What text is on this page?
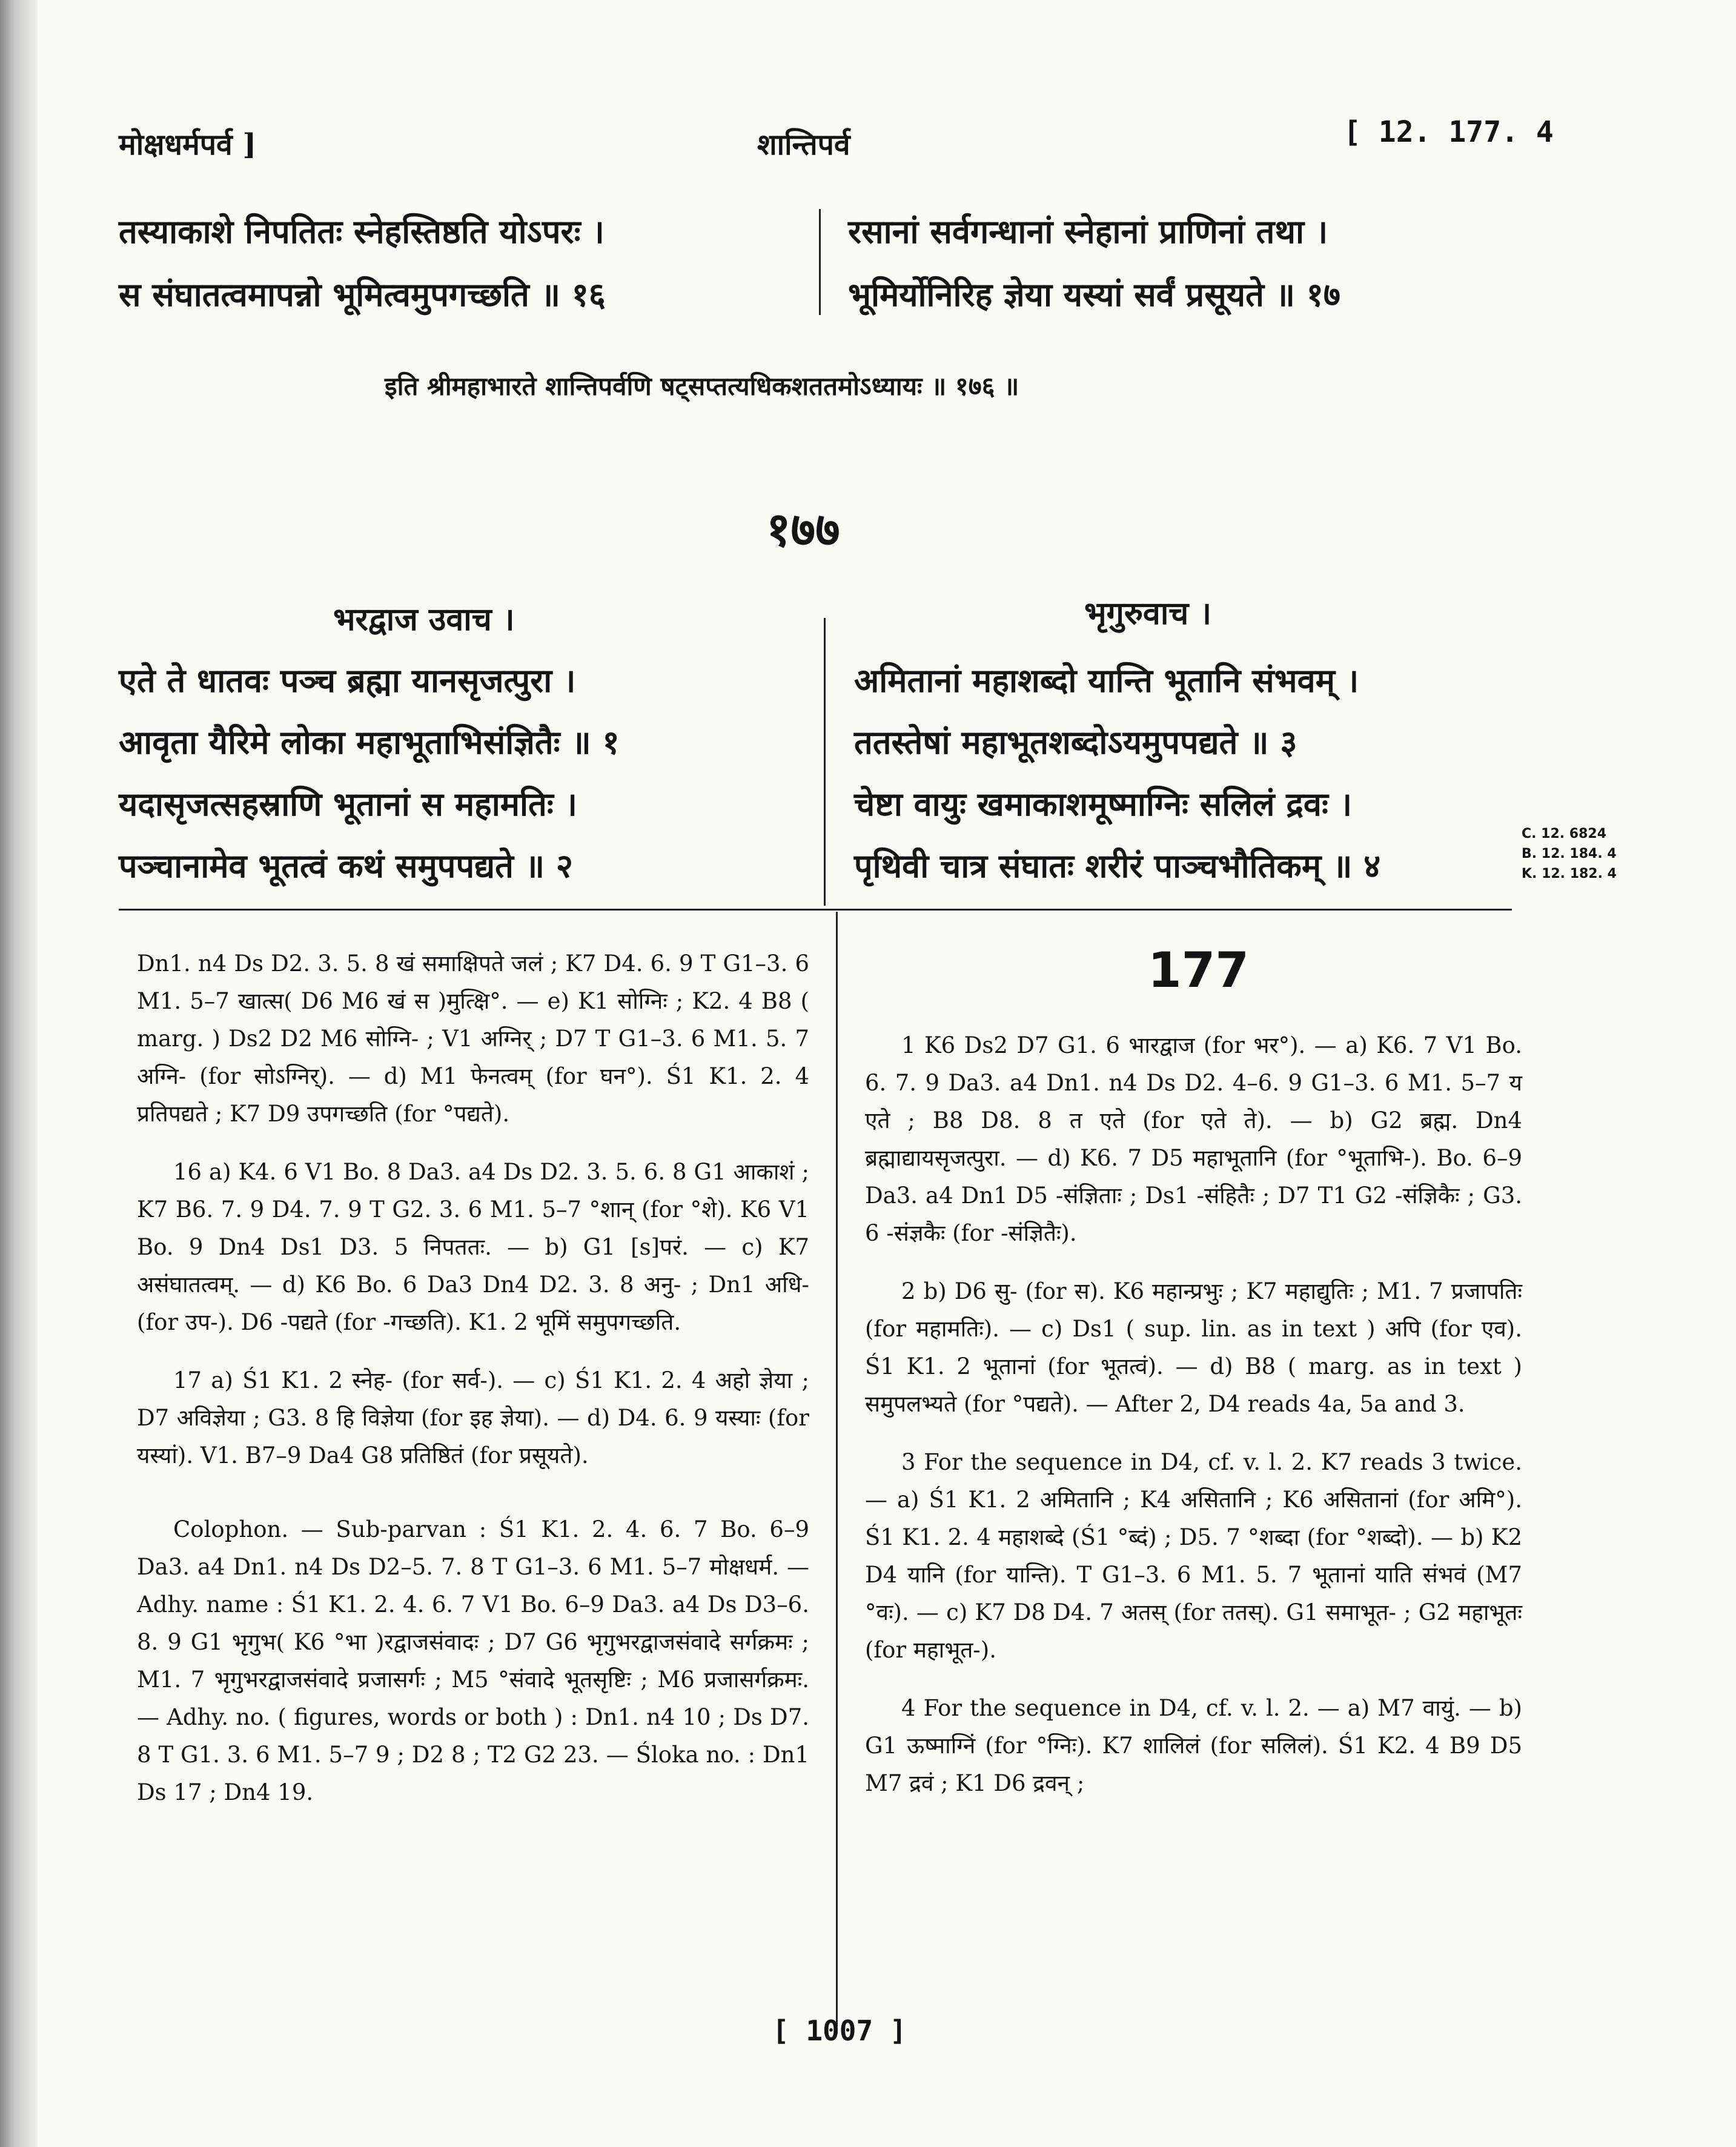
मोक्षधर्मपर्व ]	शान्तिपर्व	[ 12. 177. 4
तस्याकाशे निपतितः स्नेहस्तिष्ठति योऽपरः ।
स संघातत्वमापन्नो भूमित्वमुपगच्छति ॥ १६
रसानां सर्वगन्धानां स्नेहानां प्राणिनां तथा ।
भूमिर्योनिरिह ज्ञेया यस्यां सर्वं प्रसूयते ॥ १७
इति श्रीमहाभारते शान्तिपर्वणि षट्सप्तत्यधिकशततमोऽध्यायः ॥ १७६ ॥
१७७
भरद्वाज उवाच ।	भृगुरुवाच ।
एते ते धातवः पञ्च ब्रह्मा यानसृजत्पुरा ।
आवृता यैरिमे लोका महाभूताभिसंज्ञितैः ॥ १
यदासृजत्सहस्राणि भूतानां स महामतिः ।
पञ्चानामेव भूतत्वं कथं समुपपद्यते ॥ २
अमितानां महाशब्दो यान्ति भूतानि संभवम् ।
ततस्तेषां महाभूतशब्दोऽयमुपपद्यते ॥ ३
चेष्टा वायुः खमाकाशमूष्माग्निः सलिलं द्रवः ।
पृथिवी चात्र संघातः शरीरं पाञ्चभौतिकम् ॥ ४
C. 12. 6824
B. 12. 184. 4
K. 12. 182. 4

Dn1. n4 Ds D2. 3. 5. 8 खं समाक्षिपते जलं ; K7 D4. 6. 9 T G1–3. 6 M1. 5–7 खात्स( D6 M6 खं स )मुत्क्षि°. — e) K1 सोग्निः ; K2. 4 B8 ( marg. ) Ds2 D2 M6 सोग्नि- ; V1 अग्निर् ; D7 T G1–3. 6 M1. 5. 7 अग्नि- (for सोऽग्निर्). — d) M1 फेनत्वम् (for घन°). Ś1 K1. 2. 4 प्रतिपद्यते ; K7 D9 उपगच्छति (for °पद्यते).

16 a) K4. 6 V1 Bo. 8 Da3. a4 Ds D2. 3. 5. 6. 8 G1 आकाशं ; K7 B6. 7. 9 D4. 7. 9 T G2. 3. 6 M1. 5–7 °शान् (for °शे). K6 V1 Bo. 9 Dn4 Ds1 D3. 5 निपततः. — b) G1 [s]परं. — c) K7 असंघातत्वम्. — d) K6 Bo. 6 Da3 Dn4 D2. 3. 8 अनु- ; Dn1 अधि- (for उप-). D6 -पद्यते (for -गच्छति). K1. 2 भूमिं समुपगच्छति.

17 a) Ś1 K1. 2 स्नेह- (for सर्व-). — c) Ś1 K1. 2. 4 अहो ज्ञेया ; D7 अविज्ञेया ; G3. 8 हि विज्ञेया (for इह ज्ञेया). — d) D4. 6. 9 यस्याः (for यस्यां). V1. B7–9 Da4 G8 प्रतिष्ठितं (for प्रसूयते).

Colophon. — Sub-parvan : Ś1 K1. 2. 4. 6. 7 Bo. 6–9 Da3. a4 Dn1. n4 Ds D2–5. 7. 8 T G1–3. 6 M1. 5–7 मोक्षधर्म. — Adhy. name : Ś1 K1. 2. 4. 6. 7 V1 Bo. 6–9 Da3. a4 Ds D3–6. 8. 9 G1 भृगुभ( K6 °भा )रद्वाजसंवादः ; D7 G6 भृगुभरद्वाजसंवादे सर्गक्रमः ; M1. 7 भृगुभरद्वाजसंवादे प्रजासर्गः ; M5 °संवादे भूतसृष्टिः ; M6 प्रजासर्गक्रमः. — Adhy. no. ( figures, words or both ) : Dn1. n4 10 ; Ds D7. 8 T G1. 3. 6 M1. 5–7 9 ; D2 8 ; T2 G2 23. — Śloka no. : Dn1 Ds 17 ; Dn4 19.

177

1 K6 Ds2 D7 G1. 6 भारद्वाज (for भर°). — a) K6. 7 V1 Bo. 6. 7. 9 Da3. a4 Dn1. n4 Ds D2. 4–6. 9 G1–3. 6 M1. 5–7 य एते ; B8 D8. 8 त एते (for एते ते). — b) G2 ब्रह्म. Dn4 ब्रह्माद्यायसृजत्पुरा. — d) K6. 7 D5 महाभूतानि (for °भूताभि-). Bo. 6–9 Da3. a4 Dn1 D5 -संज्ञिताः ; Ds1 -संहितैः ; D7 T1 G2 -संज्ञिकैः ; G3. 6 -संज्ञकैः (for -संज्ञितैः).

2 b) D6 सु- (for स). K6 महान्प्रभुः ; K7 महाद्युतिः ; M1. 7 प्रजापतिः (for महामतिः). — c) Ds1 ( sup. lin. as in text ) अपि (for एव). Ś1 K1. 2 भूतानां (for भूतत्वं). — d) B8 ( marg. as in text ) समुपलभ्यते (for °पद्यते). — After 2, D4 reads 4a, 5a and 3.

3 For the sequence in D4, cf. v. l. 2. K7 reads 3 twice. — a) Ś1 K1. 2 अमितानि ; K4 असितानि ; K6 असितानां (for अमि°). Ś1 K1. 2. 4 महाशब्दे (Ś1 °ब्दं) ; D5. 7 °शब्दा (for °शब्दो). — b) K2 D4 यानि (for यान्ति). T G1–3. 6 M1. 5. 7 भूतानां याति संभवं (M7 °वः). — c) K7 D8 D4. 7 अतस् (for ततस्). G1 समाभूत- ; G2 महाभूतः (for महाभूत-).

4 For the sequence in D4, cf. v. l. 2. — a) M7 वायुं. — b) G1 ऊष्माग्निं (for °ग्निः). K7 शालिलं (for सलिलं). Ś1 K2. 4 B9 D5 M7 द्रवं ; K1 D6 द्रवन् ;

[ 1007 ]
